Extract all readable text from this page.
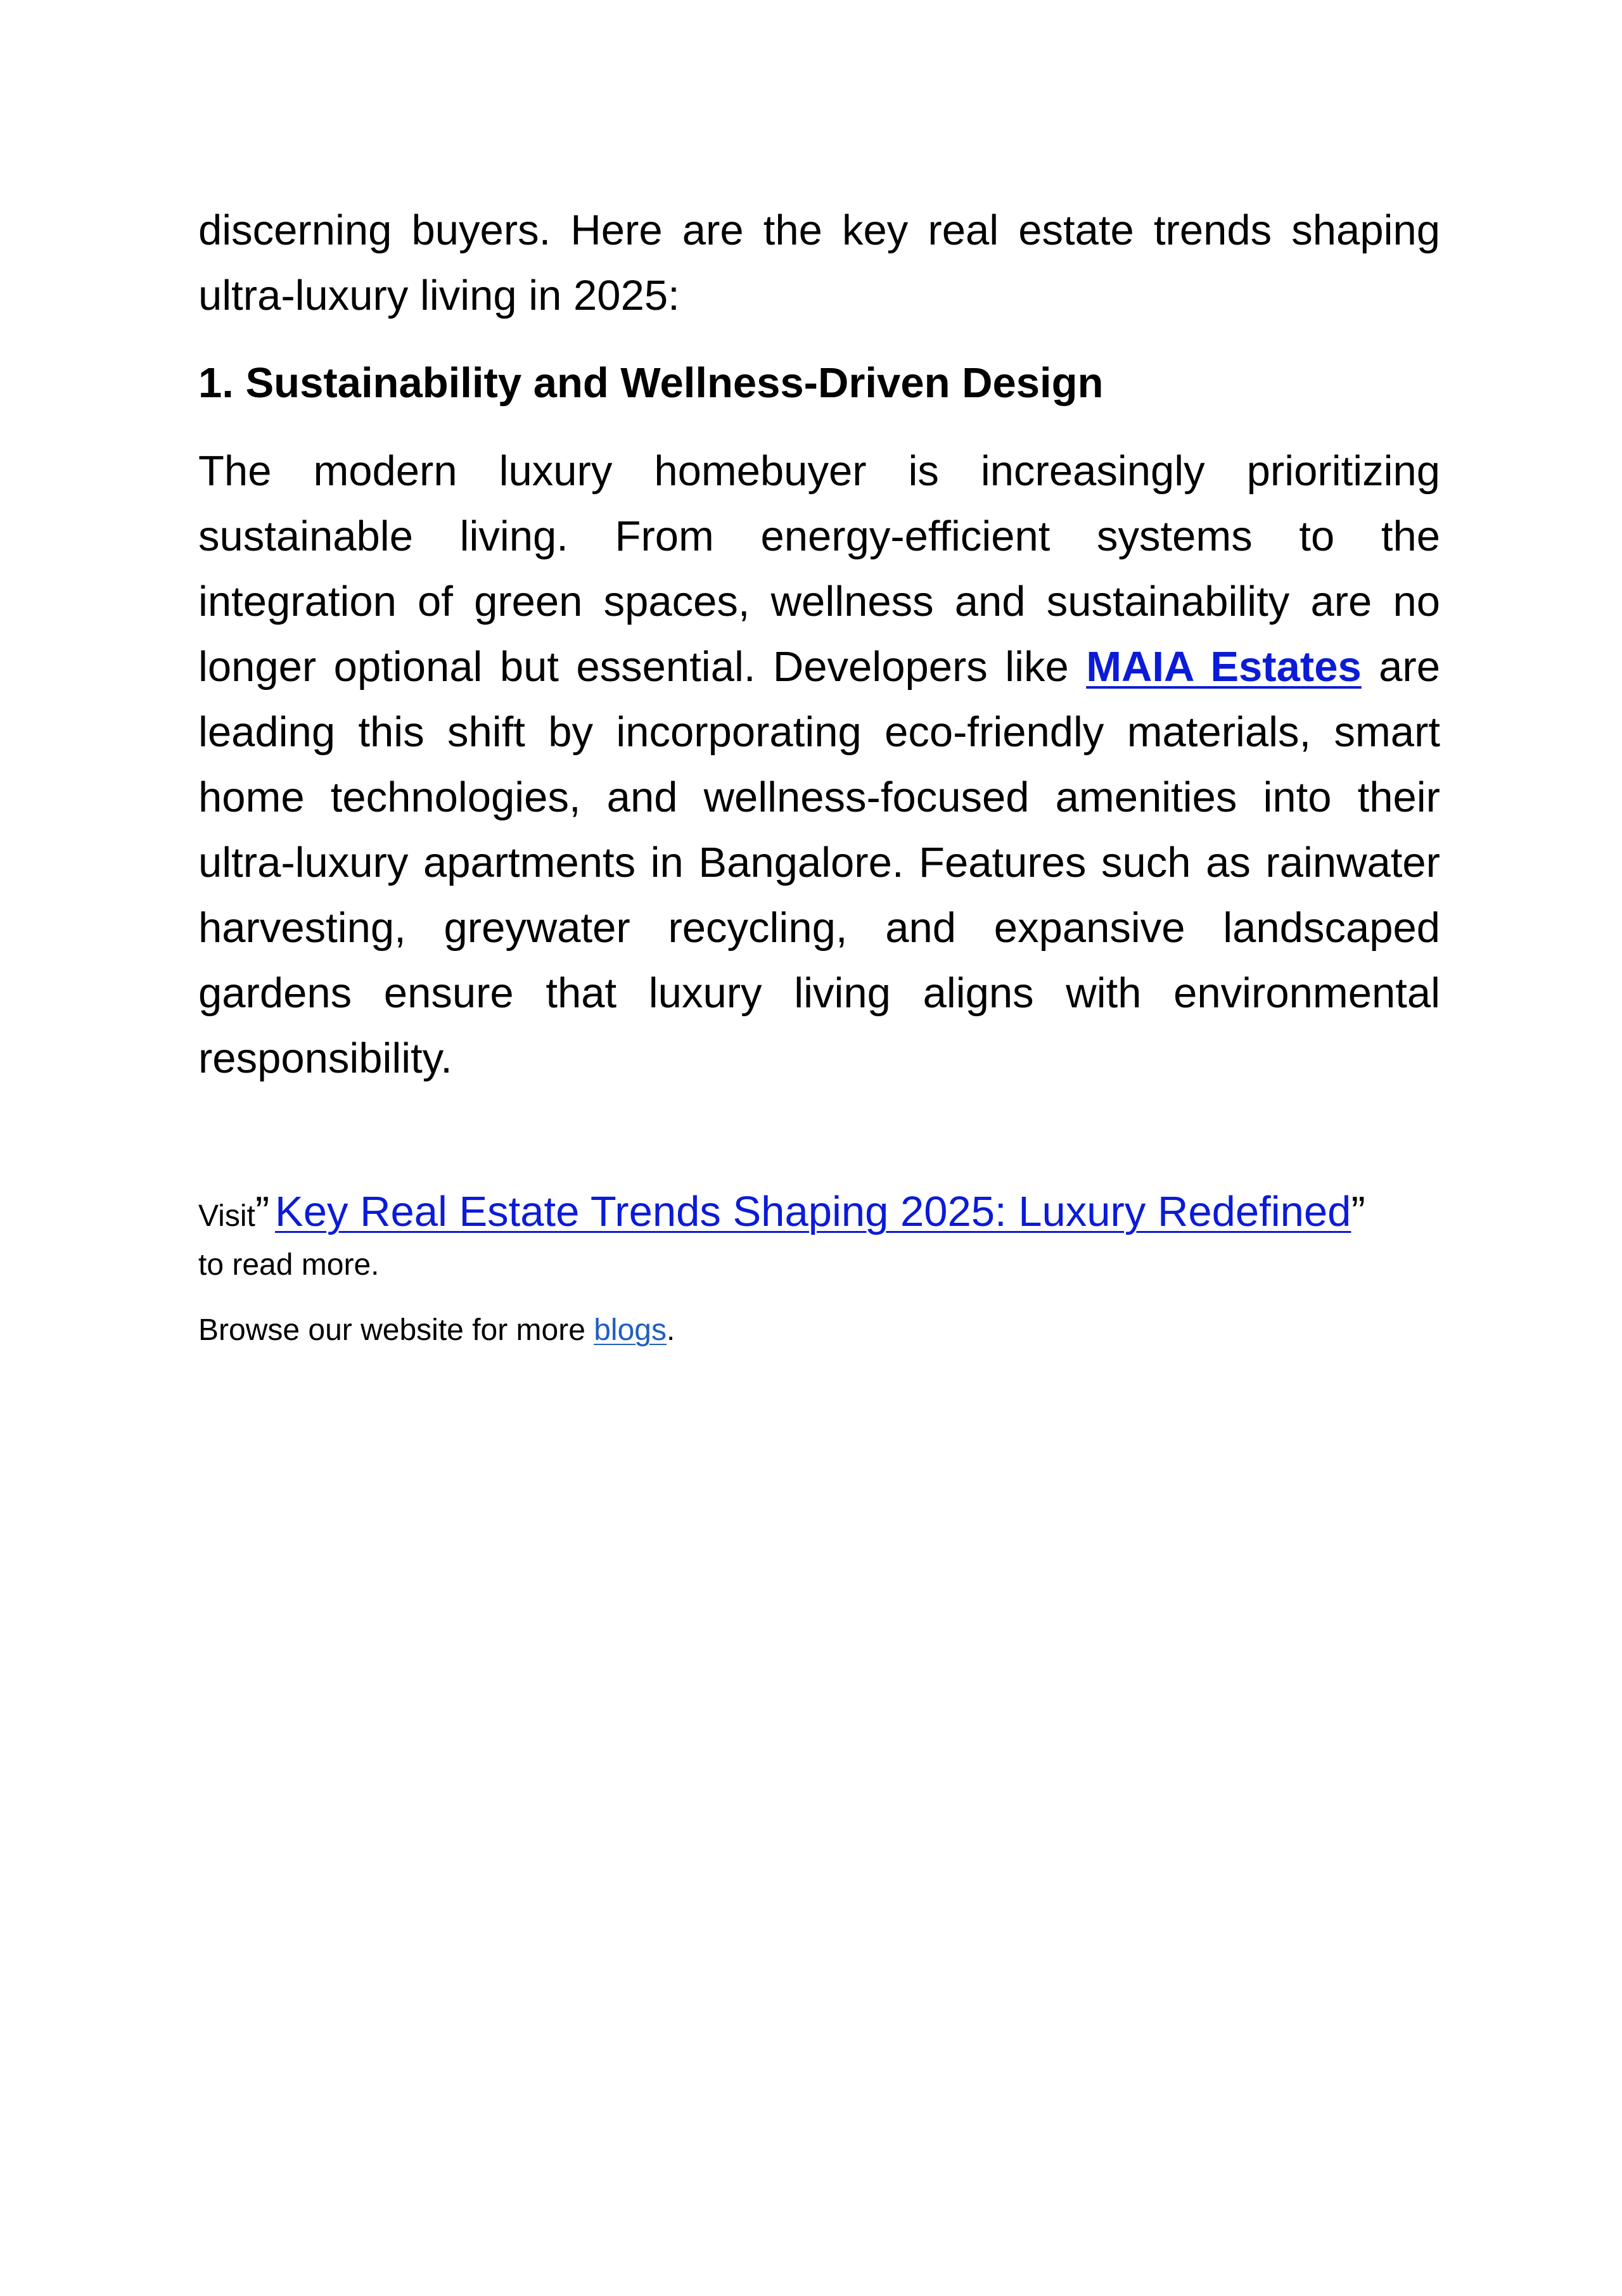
discerning buyers. Here are the key real estate trends shaping ultra-luxury living in 2025:

1. Sustainability and Wellness-Driven Design

The modern luxury homebuyer is increasingly prioritizing sustainable living. From energy-efficient systems to the integration of green spaces, wellness and sustainability are no longer optional but essential. Developers like MAIA Estates are leading this shift by incorporating eco-friendly materials, smart home technologies, and wellness-focused amenities into their ultra-luxury apartments in Bangalore. Features such as rainwater harvesting, greywater recycling, and expansive landscaped gardens ensure that luxury living aligns with environmental responsibility.

Visit” Key Real Estate Trends Shaping 2025: Luxury Redefined”

to read more.

Browse our website for more blogs.
